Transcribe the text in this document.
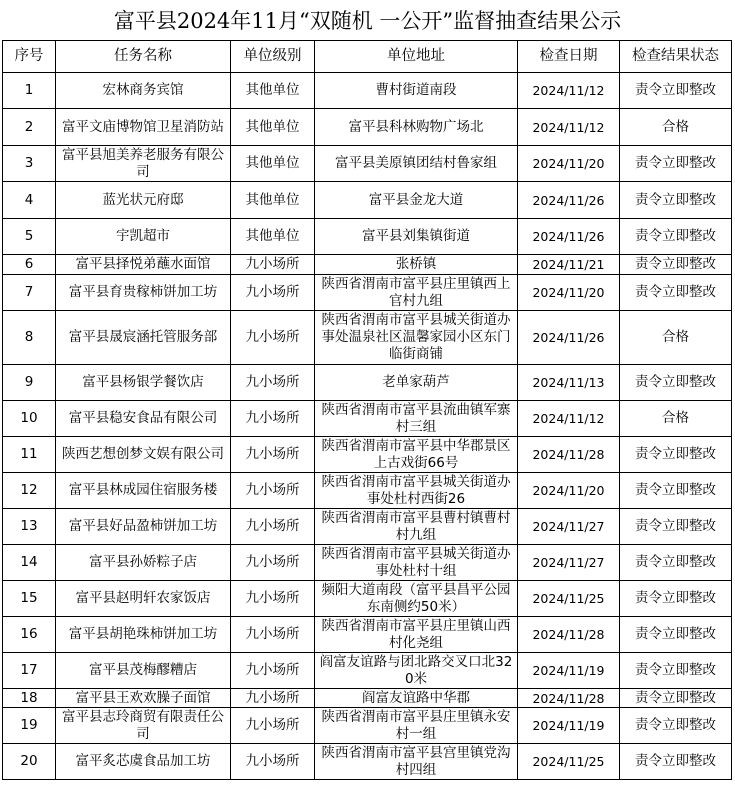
富平县2024年11月“双随机 一公开”监督抽查结果公示
序号	任务名称	单位级别	单位地址	检查日期	检查结果状态
1	宏林商务宾馆	其他单位	曹村街道南段	2024/11/12	责令立即整改
2	富平文庙博物馆卫星消防站	其他单位	富平县科林购物广场北	2024/11/12	合格
3	富平县旭美养老服务有限公司	其他单位	富平县美原镇团结村鲁家组	2024/11/20	责令立即整改
4	蓝光状元府邸	其他单位	富平县金龙大道	2024/11/26	责令立即整改
5	宇凯超市	其他单位	富平县刘集镇街道	2024/11/26	责令立即整改
6	富平县择悦弟蘸水面馆	九小场所	张桥镇	2024/11/21	责令立即整改
7	富平县育贵稼柿饼加工坊	九小场所	陕西省渭南市富平县庄里镇西上官村九组	2024/11/20	责令立即整改
8	富平县晟宸涵托管服务部	九小场所	陕西省渭南市富平县城关街道办事处温泉社区温馨家园小区东门临街商铺	2024/11/26	合格
9	富平县杨银学餐饮店	九小场所	老单家葫芦	2024/11/13	责令立即整改
10	富平县稳安食品有限公司	九小场所	陕西省渭南市富平县流曲镇军寨村三组	2024/11/12	合格
11	陕西艺想创梦文娱有限公司	九小场所	陕西省渭南市富平县中华郡景区上古戏街66号	2024/11/28	责令立即整改
12	富平县林成园住宿服务楼	九小场所	陕西省渭南市富平县城关街道办事处杜村西街26	2024/11/20	责令立即整改
13	富平县好品盈柿饼加工坊	九小场所	陕西省渭南市富平县曹村镇曹村村九组	2024/11/27	责令立即整改
14	富平县孙娇粽子店	九小场所	陕西省渭南市富平县城关街道办事处杜村十组	2024/11/27	责令立即整改
15	富平县赵明轩农家饭店	九小场所	频阳大道南段（富平县昌平公园东南侧约50米）	2024/11/25	责令立即整改
16	富平县胡艳珠柿饼加工坊	九小场所	陕西省渭南市富平县庄里镇山西村化尧组	2024/11/28	责令立即整改
17	富平县茂梅醪糟店	九小场所	阎富友谊路与团北路交叉口北320米	2024/11/19	责令立即整改
18	富平县王欢欢臊子面馆	九小场所	阎富友谊路中华郡	2024/11/28	责令立即整改
19	富平县志玲商贸有限责任公司	九小场所	陕西省渭南市富平县庄里镇永安村一组	2024/11/19	责令立即整改
20	富平炙芯虞食品加工坊	九小场所	陕西省渭南市富平县宫里镇党沟村四组	2024/11/25	责令立即整改
